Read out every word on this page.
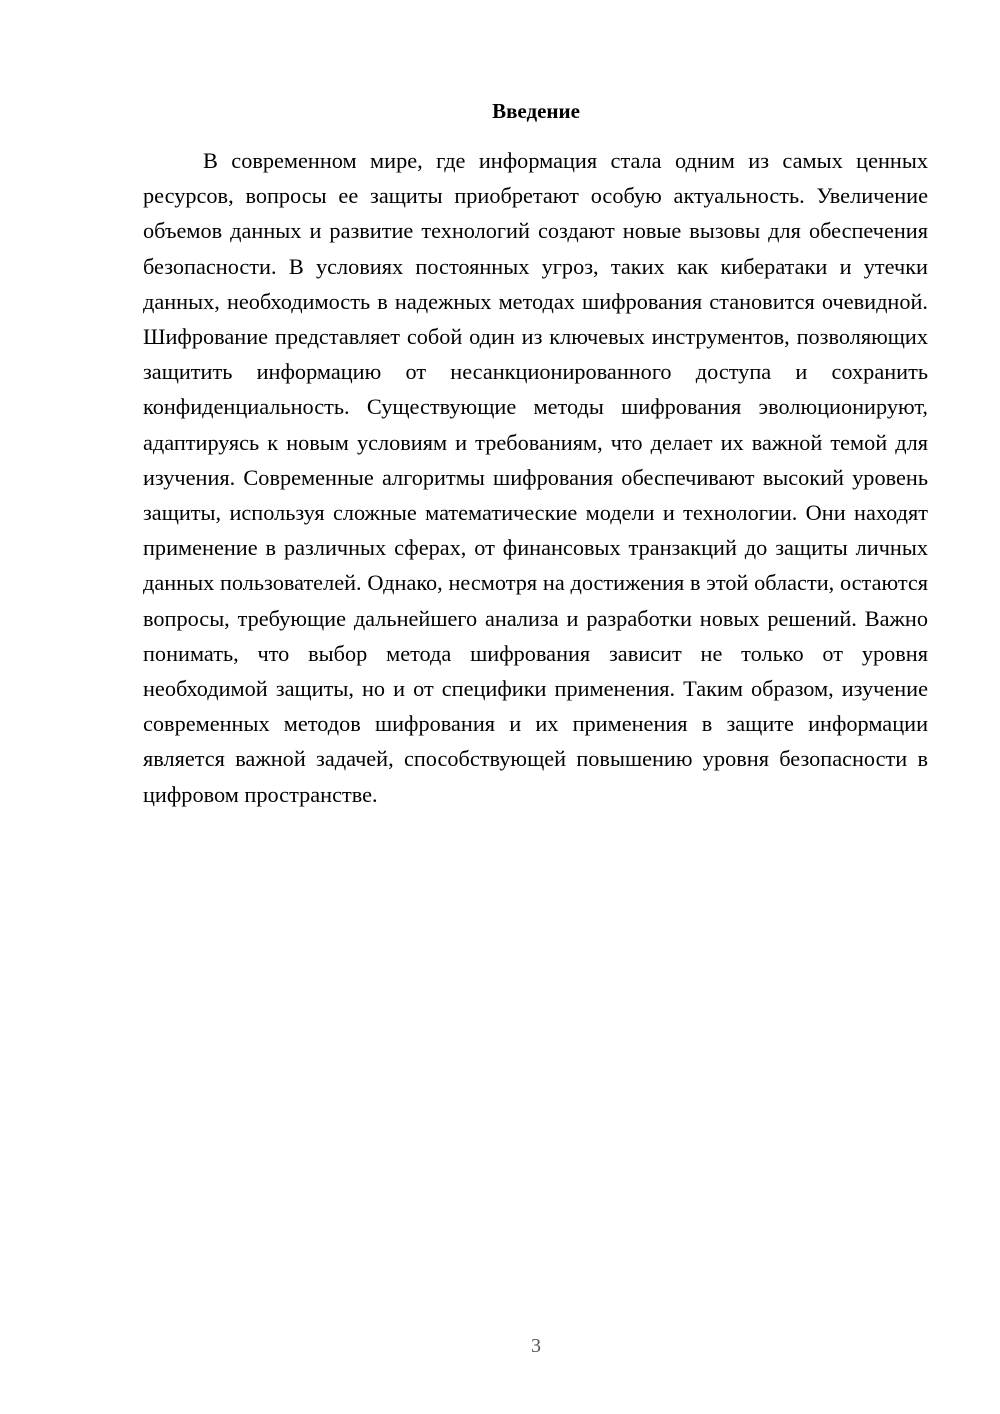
Введение

В современном мире, где информация стала одним из самых ценных ресурсов, вопросы ее защиты приобретают особую актуальность. Увеличение объемов данных и развитие технологий создают новые вызовы для обеспечения безопасности. В условиях постоянных угроз, таких как кибератаки и утечки данных, необходимость в надежных методах шифрования становится очевидной. Шифрование представляет собой один из ключевых инструментов, позволяющих защитить информацию от несанкционированного доступа и сохранить конфиденциальность. Существующие методы шифрования эволюционируют, адаптируясь к новым условиям и требованиям, что делает их важной темой для изучения. Современные алгоритмы шифрования обеспечивают высокий уровень защиты, используя сложные математические модели и технологии. Они находят применение в различных сферах, от финансовых транзакций до защиты личных данных пользователей. Однако, несмотря на достижения в этой области, остаются вопросы, требующие дальнейшего анализа и разработки новых решений. Важно понимать, что выбор метода шифрования зависит не только от уровня необходимой защиты, но и от специфики применения. Таким образом, изучение современных методов шифрования и их применения в защите информации является важной задачей, способствующей повышению уровня безопасности в цифровом пространстве.

3
